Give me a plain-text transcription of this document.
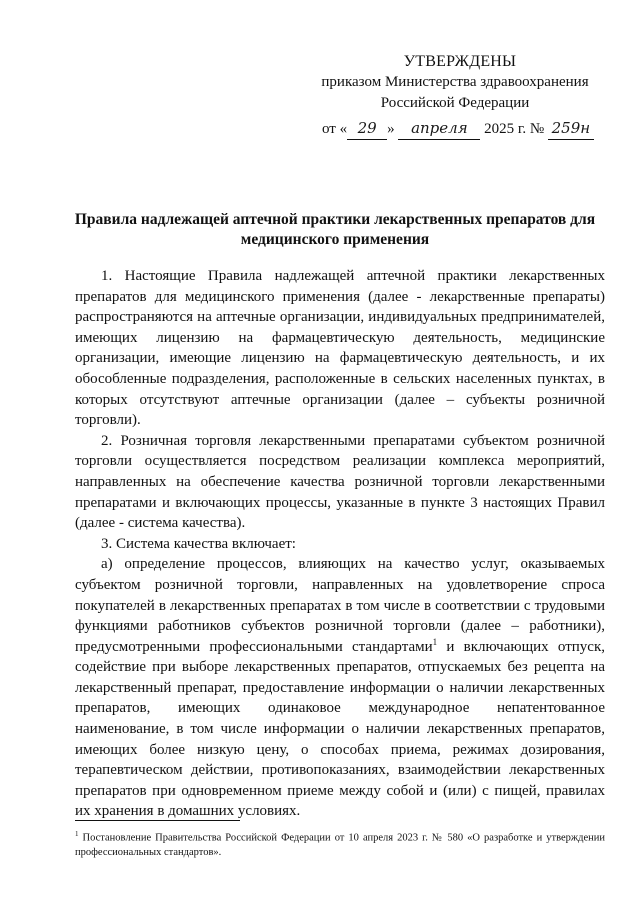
УТВЕРЖДЕНЫ
приказом Министерства здравоохранения
Российской Федерации
от « 29 » апреля 2025 г. № 259н
Правила надлежащей аптечной практики лекарственных препаратов для
медицинского применения

1. Настоящие Правила надлежащей аптечной практики лекарственных препаратов для медицинского применения (далее - лекарственные препараты) распространяются на аптечные организации, индивидуальных предпринимателей, имеющих лицензию на фармацевтическую деятельность, медицинские организации, имеющие лицензию на фармацевтическую деятельность, и их обособленные подразделения, расположенные в сельских населенных пунктах, в которых отсутствуют аптечные организации (далее – субъекты розничной торговли).

2. Розничная торговля лекарственными препаратами субъектом розничной торговли осуществляется посредством реализации комплекса мероприятий, направленных на обеспечение качества розничной торговли лекарственными препаратами и включающих процессы, указанные в пункте 3 настоящих Правил (далее - система качества).

3. Система качества включает:

а) определение процессов, влияющих на качество услуг, оказываемых субъектом розничной торговли, направленных на удовлетворение спроса покупателей в лекарственных препаратах в том числе в соответствии с трудовыми функциями работников субъектов розничной торговли (далее – работники), предусмотренными профессиональными стандартами$^1$ и включающих отпуск, содействие при выборе лекарственных препаратов, отпускаемых без рецепта на лекарственный препарат, предоставление информации о наличии лекарственных препаратов, имеющих одинаковое международное непатентованное наименование, в том числе информации о наличии лекарственных препаратов, имеющих более низкую цену, о способах приема, режимах дозирования, терапевтическом действии, противопоказаниях, взаимодействии лекарственных препаратов при одновременном приеме между собой и (или) с пищей, правилах их хранения в домашних условиях.

$^1$ Постановление Правительства Российской Федерации от 10 апреля 2023 г. № 580 «О разработке и утверждении профессиональных стандартов».
